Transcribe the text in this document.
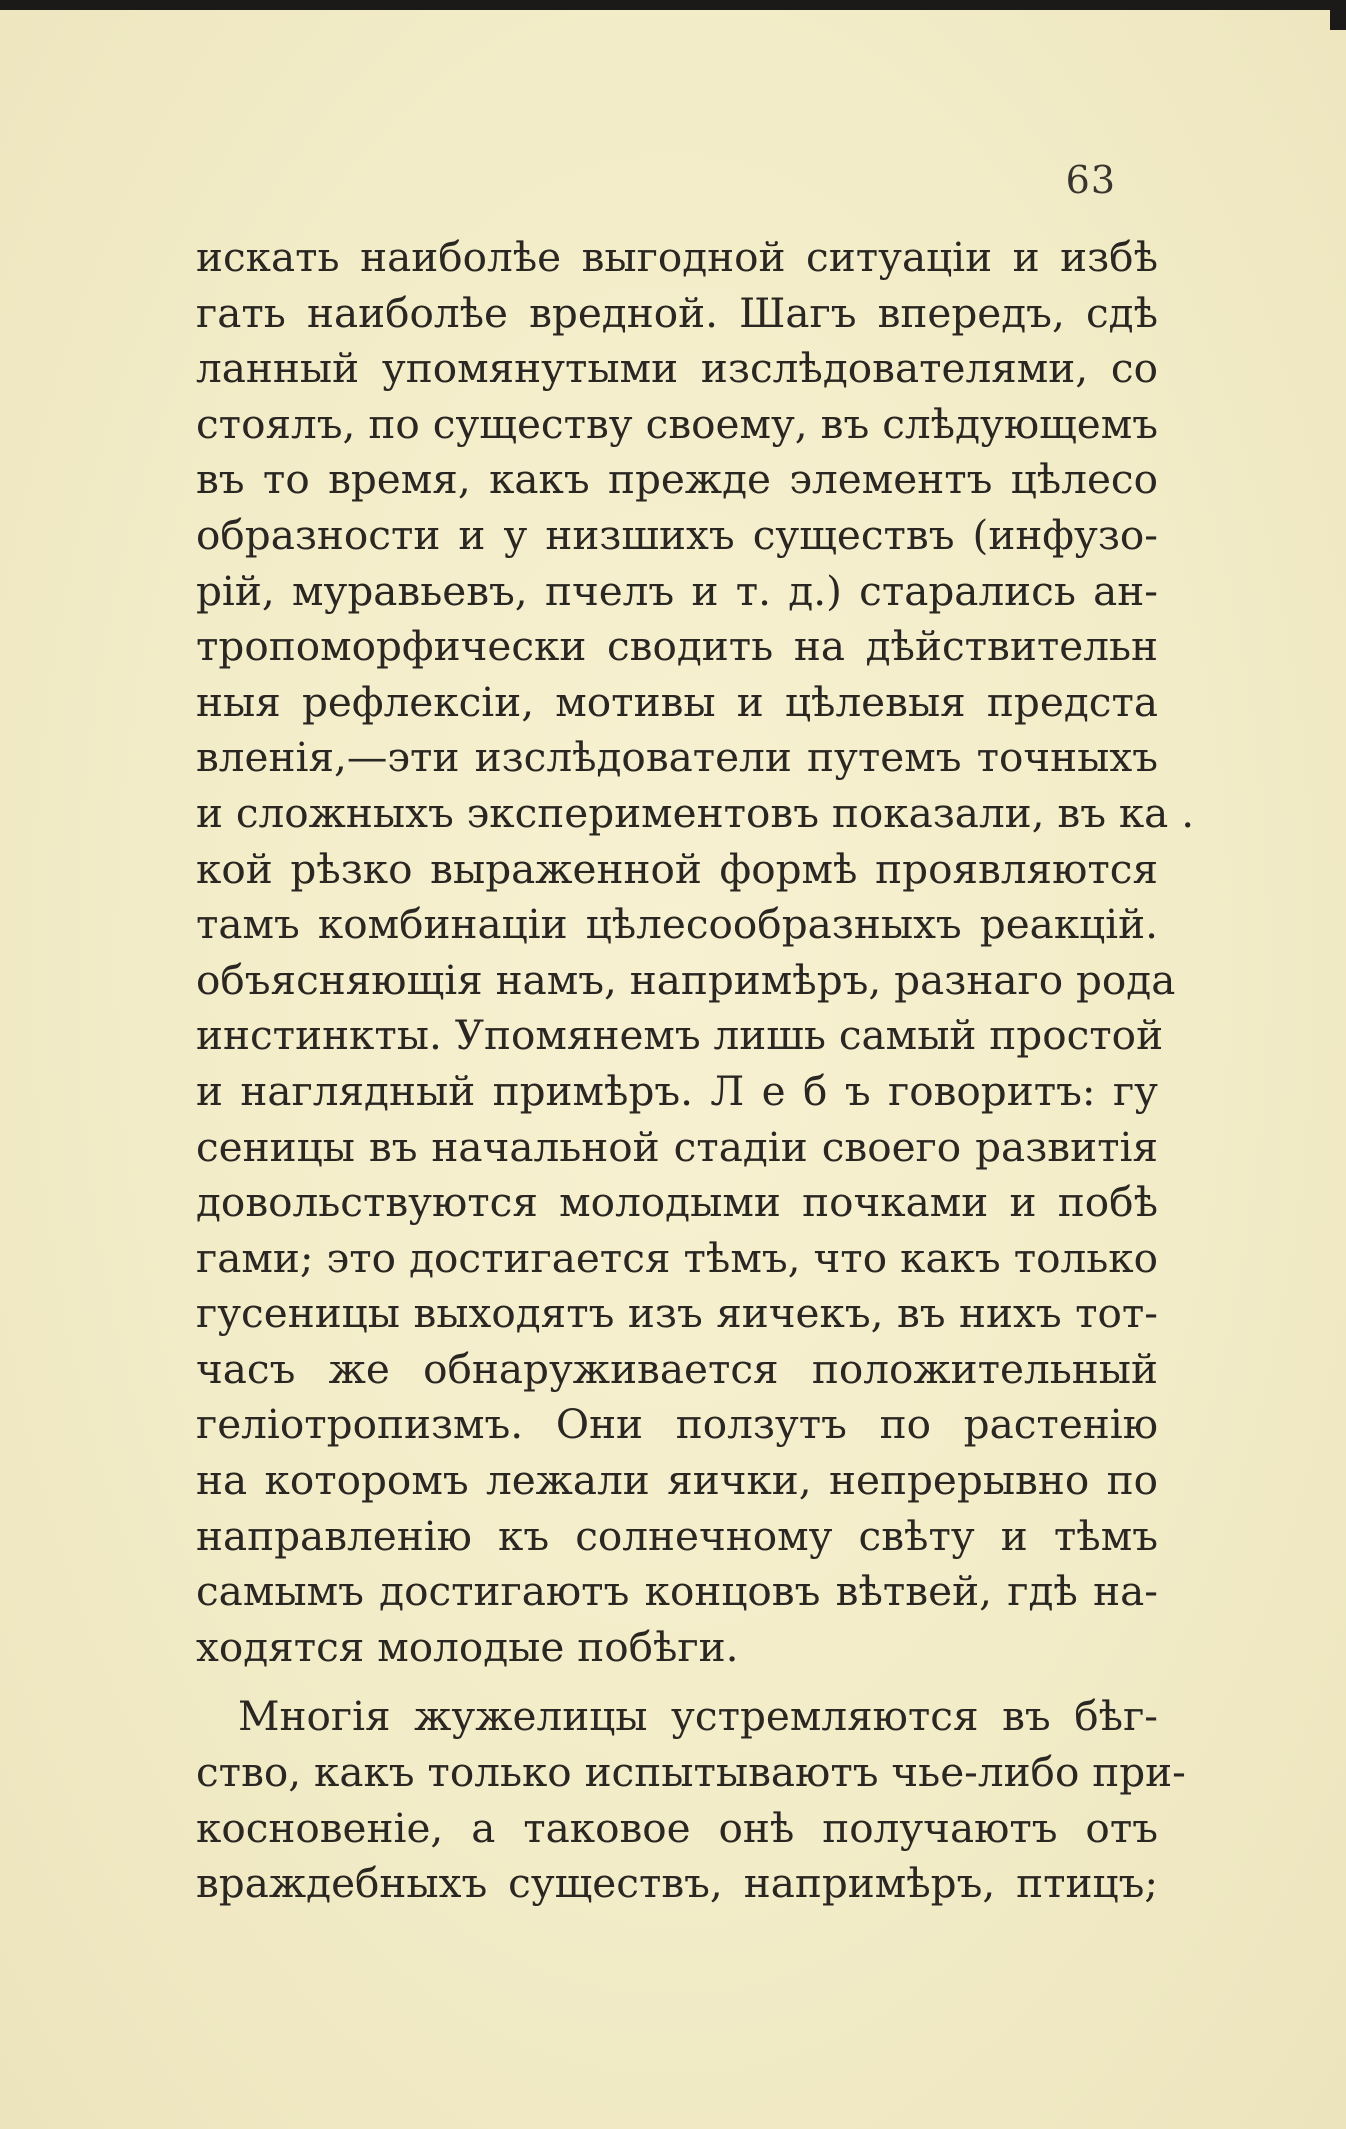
63
искать наиболѣе выгодной ситуаціи и избѣ
гать наиболѣе вредной. Шагъ впередъ, сдѣ
ланный упомянутыми изслѣдователями, со
стоялъ, по существу своему, въ слѣдующемъ
въ то время, какъ прежде элементъ цѣлесо
образности и у низшихъ существъ (инфузо-
рій, муравьевъ, пчелъ и т. д.) старались ан-
тропоморфически сводить на дѣйствительн
ныя рефлексіи, мотивы и цѣлевыя предста
вленія,—эти изслѣдователи путемъ точныхъ
и сложныхъ экспериментовъ показали, въ ка .
кой рѣзко выраженной формѣ проявляются
тамъ комбинаціи цѣлесообразныхъ реакцій.
объясняющія намъ, напримѣръ, разнаго рода
инстинкты. Упомянемъ лишь самый простой
и наглядный примѣръ. Л е б ъ говоритъ: гу
сеницы въ начальной стадіи своего развитія
довольствуются молодыми почками и побѣ
гами; это достигается тѣмъ, что какъ только
гусеницы выходятъ изъ яичекъ, въ нихъ тот-
часъ же обнаруживается положительный
геліотропизмъ. Они ползутъ по растенію
на которомъ лежали яички, непрерывно по
направленію къ солнечному свѣту и тѣмъ
самымъ достигаютъ концовъ вѣтвей, гдѣ на-
ходятся молодые побѣги.
Многія жужелицы устремляются въ бѣг-
ство, какъ только испытываютъ чье-либо при-
косновеніе, а таковое онѣ получаютъ отъ
враждебныхъ существъ, напримѣръ, птицъ;
